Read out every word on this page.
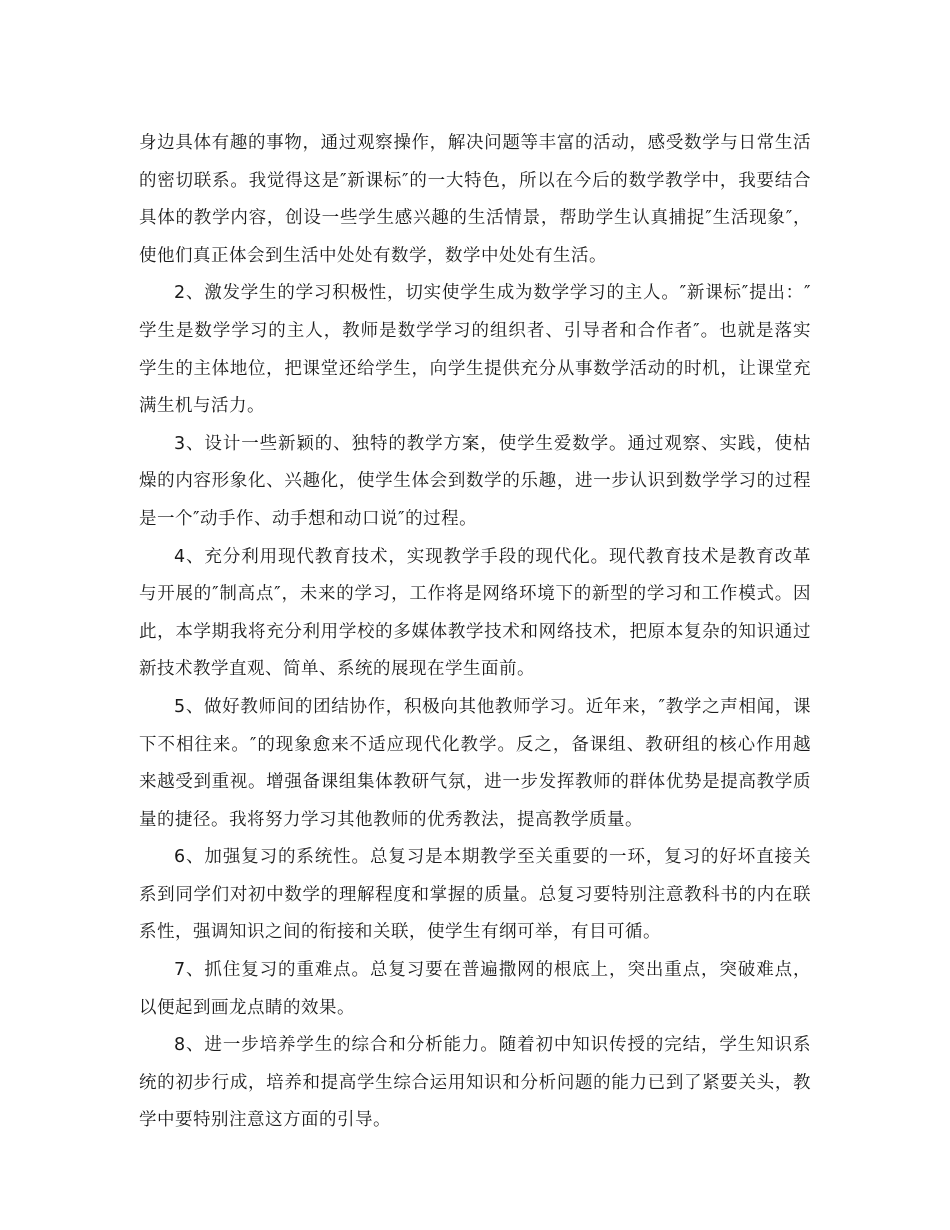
身边具体有趣的事物，通过观察操作，解决问题等丰富的活动，感受数学与日常生活的密切联系。我觉得这是″新课标″的一大特色，所以在今后的数学教学中，我要结合具体的教学内容，创设一些学生感兴趣的生活情景，帮助学生认真捕捉″生活现象″，使他们真正体会到生活中处处有数学，数学中处处有生活。

2、激发学生的学习积极性，切实使学生成为数学学习的主人。″新课标″提出：″学生是数学学习的主人，教师是数学学习的组织者、引导者和合作者″。也就是落实学生的主体地位，把课堂还给学生，向学生提供充分从事数学活动的时机，让课堂充满生机与活力。

3、设计一些新颖的、独特的教学方案，使学生爱数学。通过观察、实践，使枯燥的内容形象化、兴趣化，使学生体会到数学的乐趣，进一步认识到数学学习的过程是一个″动手作、动手想和动口说″的过程。

4、充分利用现代教育技术，实现教学手段的现代化。现代教育技术是教育改革与开展的″制高点″，未来的学习，工作将是网络环境下的新型的学习和工作模式。因此，本学期我将充分利用学校的多媒体教学技术和网络技术，把原本复杂的知识通过新技术教学直观、简单、系统的展现在学生面前。

5、做好教师间的团结协作，积极向其他教师学习。近年来，″教学之声相闻，课下不相往来。″的现象愈来不适应现代化教学。反之，备课组、教研组的核心作用越来越受到重视。增强备课组集体教研气氛，进一步发挥教师的群体优势是提高教学质量的捷径。我将努力学习其他教师的优秀教法，提高教学质量。

6、加强复习的系统性。总复习是本期教学至关重要的一环，复习的好坏直接关系到同学们对初中数学的理解程度和掌握的质量。总复习要特别注意教科书的内在联系性，强调知识之间的衔接和关联，使学生有纲可举，有目可循。

7、抓住复习的重难点。总复习要在普遍撒网的根底上，突出重点，突破难点，以便起到画龙点睛的效果。

8、进一步培养学生的综合和分析能力。随着初中知识传授的完结，学生知识系统的初步行成，培养和提高学生综合运用知识和分析问题的能力已到了紧要关头，教学中要特别注意这方面的引导。
